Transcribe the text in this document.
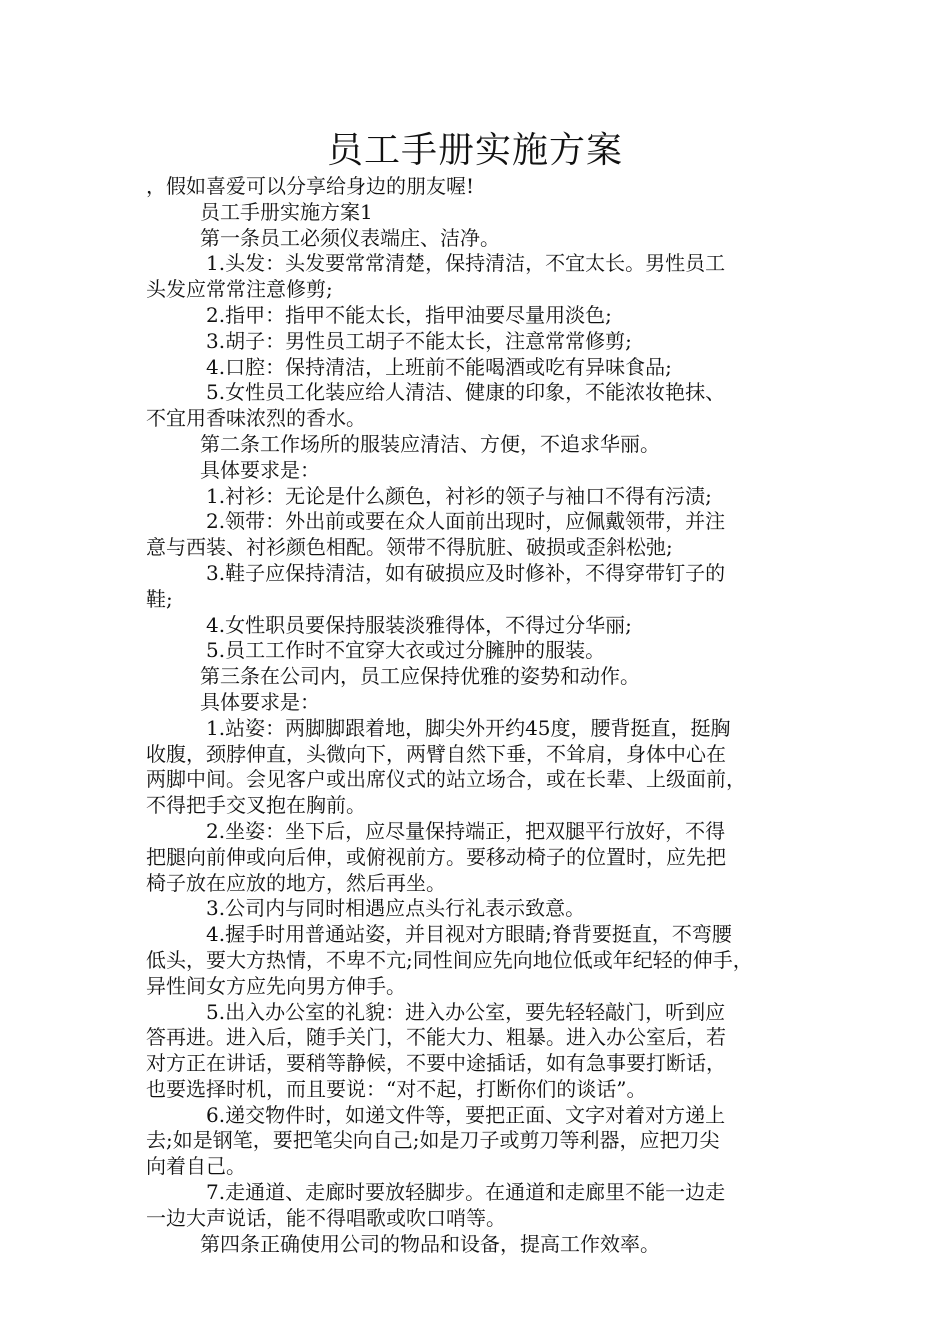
员工手册实施方案

，假如喜爱可以分享给身边的朋友喔!

员工手册实施方案1

第一条员工必须仪表端庄、洁净。

1.头发：头发要常常清楚，保持清洁，不宜太长。男性员工

头发应常常注意修剪;

2.指甲：指甲不能太长，指甲油要尽量用淡色;

3.胡子：男性员工胡子不能太长，注意常常修剪;

4.口腔：保持清洁，上班前不能喝酒或吃有异味食品;

5.女性员工化装应给人清洁、健康的印象，不能浓妆艳抹、

不宜用香味浓烈的香水。

第二条工作场所的服装应清洁、方便，不追求华丽。

具体要求是：

1.衬衫：无论是什么颜色，衬衫的领子与袖口不得有污渍;

2.领带：外出前或要在众人面前出现时，应佩戴领带，并注

意与西装、衬衫颜色相配。领带不得肮脏、破损或歪斜松弛;

3.鞋子应保持清洁，如有破损应及时修补，不得穿带钉子的

鞋;

4.女性职员要保持服装淡雅得体，不得过分华丽;

5.员工工作时不宜穿大衣或过分臃肿的服装。

第三条在公司内，员工应保持优雅的姿势和动作。

具体要求是：

1.站姿：两脚脚跟着地，脚尖外开约45度，腰背挺直，挺胸

收腹，颈脖伸直，头微向下，两臂自然下垂，不耸肩，身体中心在

两脚中间。会见客户或出席仪式的站立场合，或在长辈、上级面前，

不得把手交叉抱在胸前。

2.坐姿：坐下后，应尽量保持端正，把双腿平行放好，不得

把腿向前伸或向后伸，或俯视前方。要移动椅子的位置时，应先把

椅子放在应放的地方，然后再坐。

3.公司内与同时相遇应点头行礼表示致意。

4.握手时用普通站姿，并目视对方眼睛;脊背要挺直，不弯腰

低头，要大方热情，不卑不亢;同性间应先向地位低或年纪轻的伸手，

异性间女方应先向男方伸手。

5.出入办公室的礼貌：进入办公室，要先轻轻敲门，听到应

答再进。进入后，随手关门，不能大力、粗暴。进入办公室后，若

对方正在讲话，要稍等静候，不要中途插话，如有急事要打断话，

也要选择时机，而且要说：“对不起，打断你们的谈话”。

6.递交物件时，如递文件等，要把正面、文字对着对方递上

去;如是钢笔，要把笔尖向自己;如是刀子或剪刀等利器，应把刀尖

向着自己。

7.走通道、走廊时要放轻脚步。在通道和走廊里不能一边走

一边大声说话，能不得唱歌或吹口哨等。

第四条正确使用公司的物品和设备，提高工作效率。
